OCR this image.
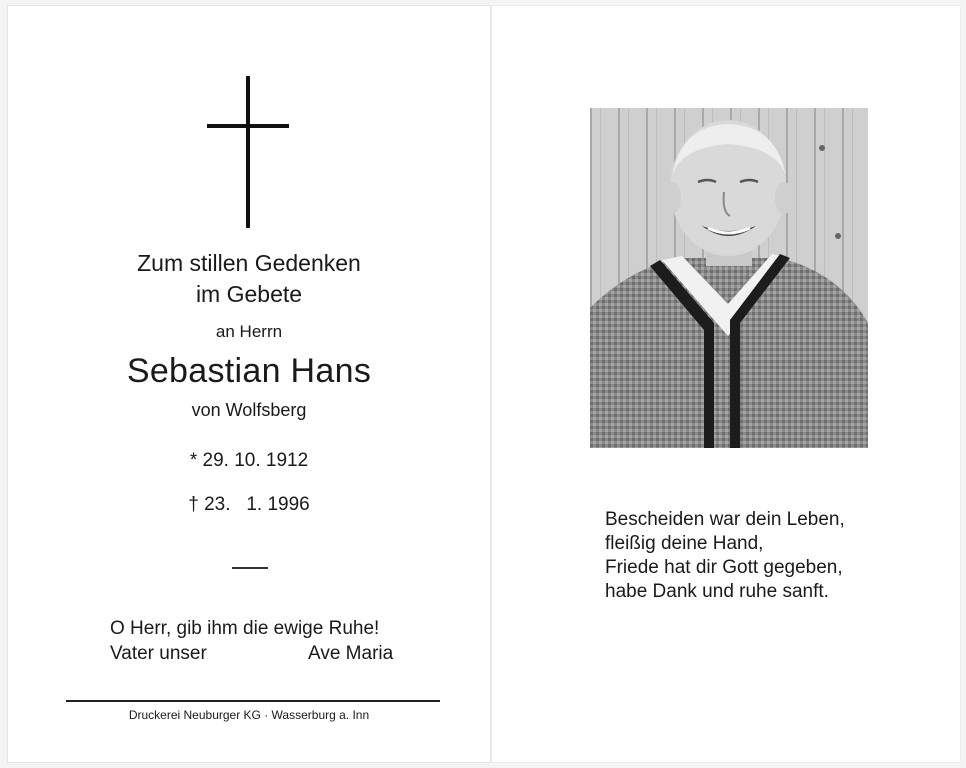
Zum stillen Gedenken
im Gebete
an Herrn
Sebastian Hans
von Wolfsberg
* 29. 10. 1912
† 23.   1. 1996
O Herr, gib ihm die ewige Ruhe!
Vater unser	Ave Maria
Druckerei Neuburger KG · Wasserburg a. Inn
Bescheiden war dein Leben,
fleißig deine Hand,
Friede hat dir Gott gegeben,
habe Dank und ruhe sanft.
